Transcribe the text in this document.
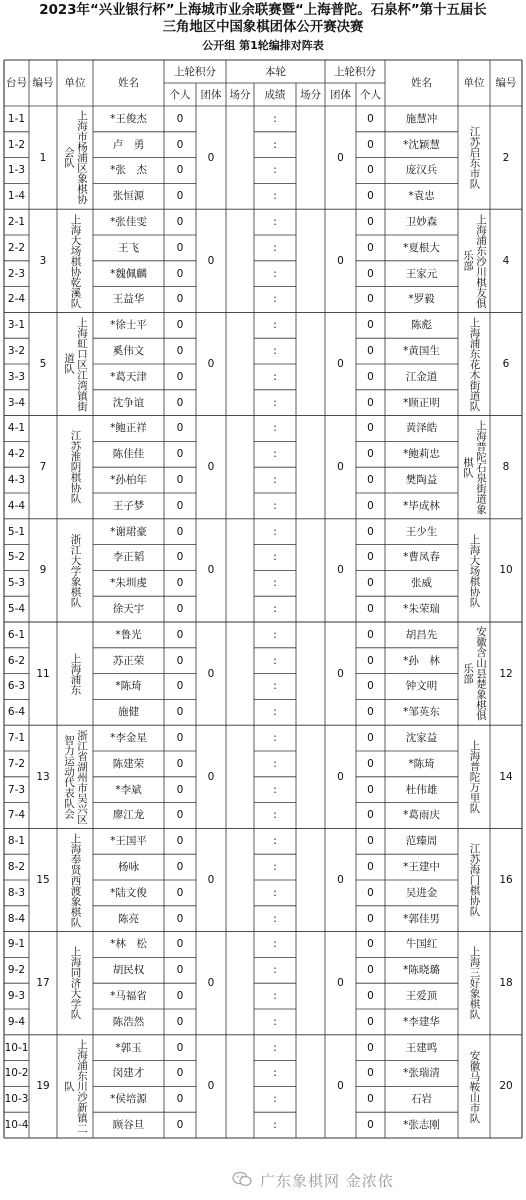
2023年“兴业银行杯”上海城市业余联赛暨“上海普陀。石泉杯”第十五届长
三角地区中国象棋团体公开赛决赛
公开组 第1轮编排对阵表
台号 编号 单位	姓名
上轮积分
个人 团体
本轮
场分 成绩 场分
上轮积分
团体 个人
姓名	单位 编号
1	上海市杨浦区象棋协会队	0	0	江苏启东市队 2
1-1	*王俊杰	0	:	0	施慧冲
1-2	卢　勇	0	:	0	*沈颖慧
1-3	*张　杰	0	:	0	庞汉兵
1-4	张恒源	0	:	0	*袁忠
3 上海大场棋协乾溪队	0	0	上海浦东沙川棋友俱乐部	4
2-1	*张佳雯	0	:	0	卫妙森
2-2	王飞	0	:	0	*夏根大
2-3	*魏佩麟	0	:	0	王家元
2-4	王益华	0	:	0	*罗毅
5	上海虹口区江湾镇街道队	0	0	上海浦东花木街道队 6
3-1	*徐士平	0	:	0	陈彪
3-2	奚伟文	0	:	0	*黄国生
3-3	*葛天津	0	:	0	江金道
3-4	沈争谊	0	:	0	*顾正明
7 江苏淮阴棋协队	0	0	上海普陀石泉街道象棋队	8
4-1	*鲍正祥	0	:	0	黄泽皓
4-2	陈佳佳	0	:	0	*鲍莉忠
4-3	*孙柏年	0	:	0	樊陶益
4-4	王子梦	0	:	0	*毕成林
9 浙江大学象棋队	0	0	上海大场棋协队 10
5-1	*谢珺豪	0	:	0	王少生
5-2	李正韬	0	:	0	*曹凤春
5-3	*朱圳虔	0	:	0	张威
5-4	徐天宇	0	:	0	*朱荣瑞
11 上海浦东	0	0	安徽含山县楚象棋俱乐部	12
6-1	*鲁光	0	:	0	胡昌先
6-2	苏正荣	0	:	0	*孙　林
6-3	*陈琦	0	:	0	钟文明
6-4	施健	0	:	0	*邹英东
13	浙江省湖州市吴兴区智力运动代表队会	0	0	上海普陀万里队 14
7-1	*李金星	0	:	0	沈家益
7-2	陈建荣	0	:	0	*陈琦
7-3	*李斌	0	:	0	杜伟雄
7-4	廖江龙	0	:	0	*葛雨庆
15 上海奉贤西渡象棋队	0	0	江苏海门棋协队 16
8-1	*王国平	0	:	0	范臻周
8-2	杨咏	0	:	0	*王建中
8-3	*陆文俊	0	:	0	吴进金
8-4	陈亮	0	:	0	*郭佳男
17 上海同济大学队	0	0	上海三好象棋队 18
9-1	*林　松	0	:	0	牛国红
9-2	胡民权	0	:	0	*陈晓璐
9-3	*马福省	0	:	0	王爱顶
9-4	陈浩然	0	:	0	*李建华
19	上海浦东川沙新镇二队	0	0	安徽马鞍山市队 20
10-1	*郭玉	0	:	0	王建鸣
10-2	闵建才	0	:	0	*张瑞清
10-3	*侯培源	0	:	0	石岩
10-4	顾谷旦	0	:	0	*张志刚
广东象棋网 金浓依
